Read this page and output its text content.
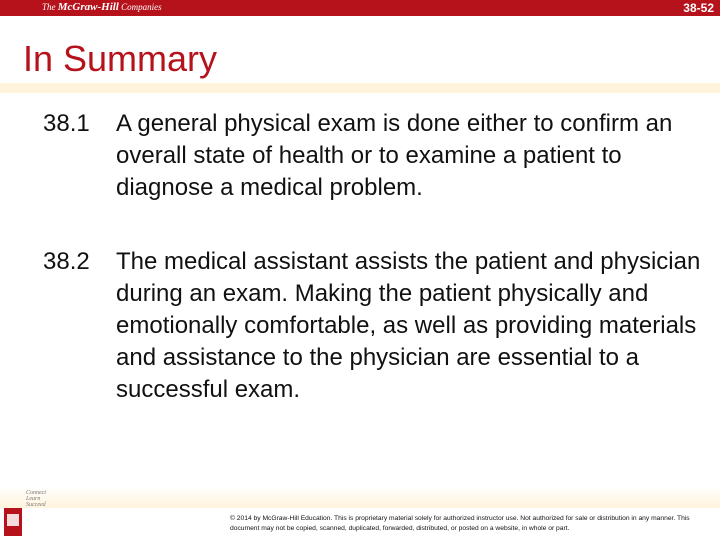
The McGraw-Hill Companies	38-52
In Summary
38.1	A general physical exam is done either to confirm an overall state of health or to examine a patient to diagnose a medical problem.
38.2	The medical assistant assists the patient and physician during an exam. Making the patient physically and emotionally comfortable, as well as providing materials and assistance to the physician are essential to a successful exam.
Connect
Learn
Succeed
© 2014 by McGraw-Hill Education. This is proprietary material solely for authorized instructor use. Not authorized for sale or distribution in any manner. This document may not be copied, scanned, duplicated, forwarded, distributed, or posted on a website, in whole or part.
